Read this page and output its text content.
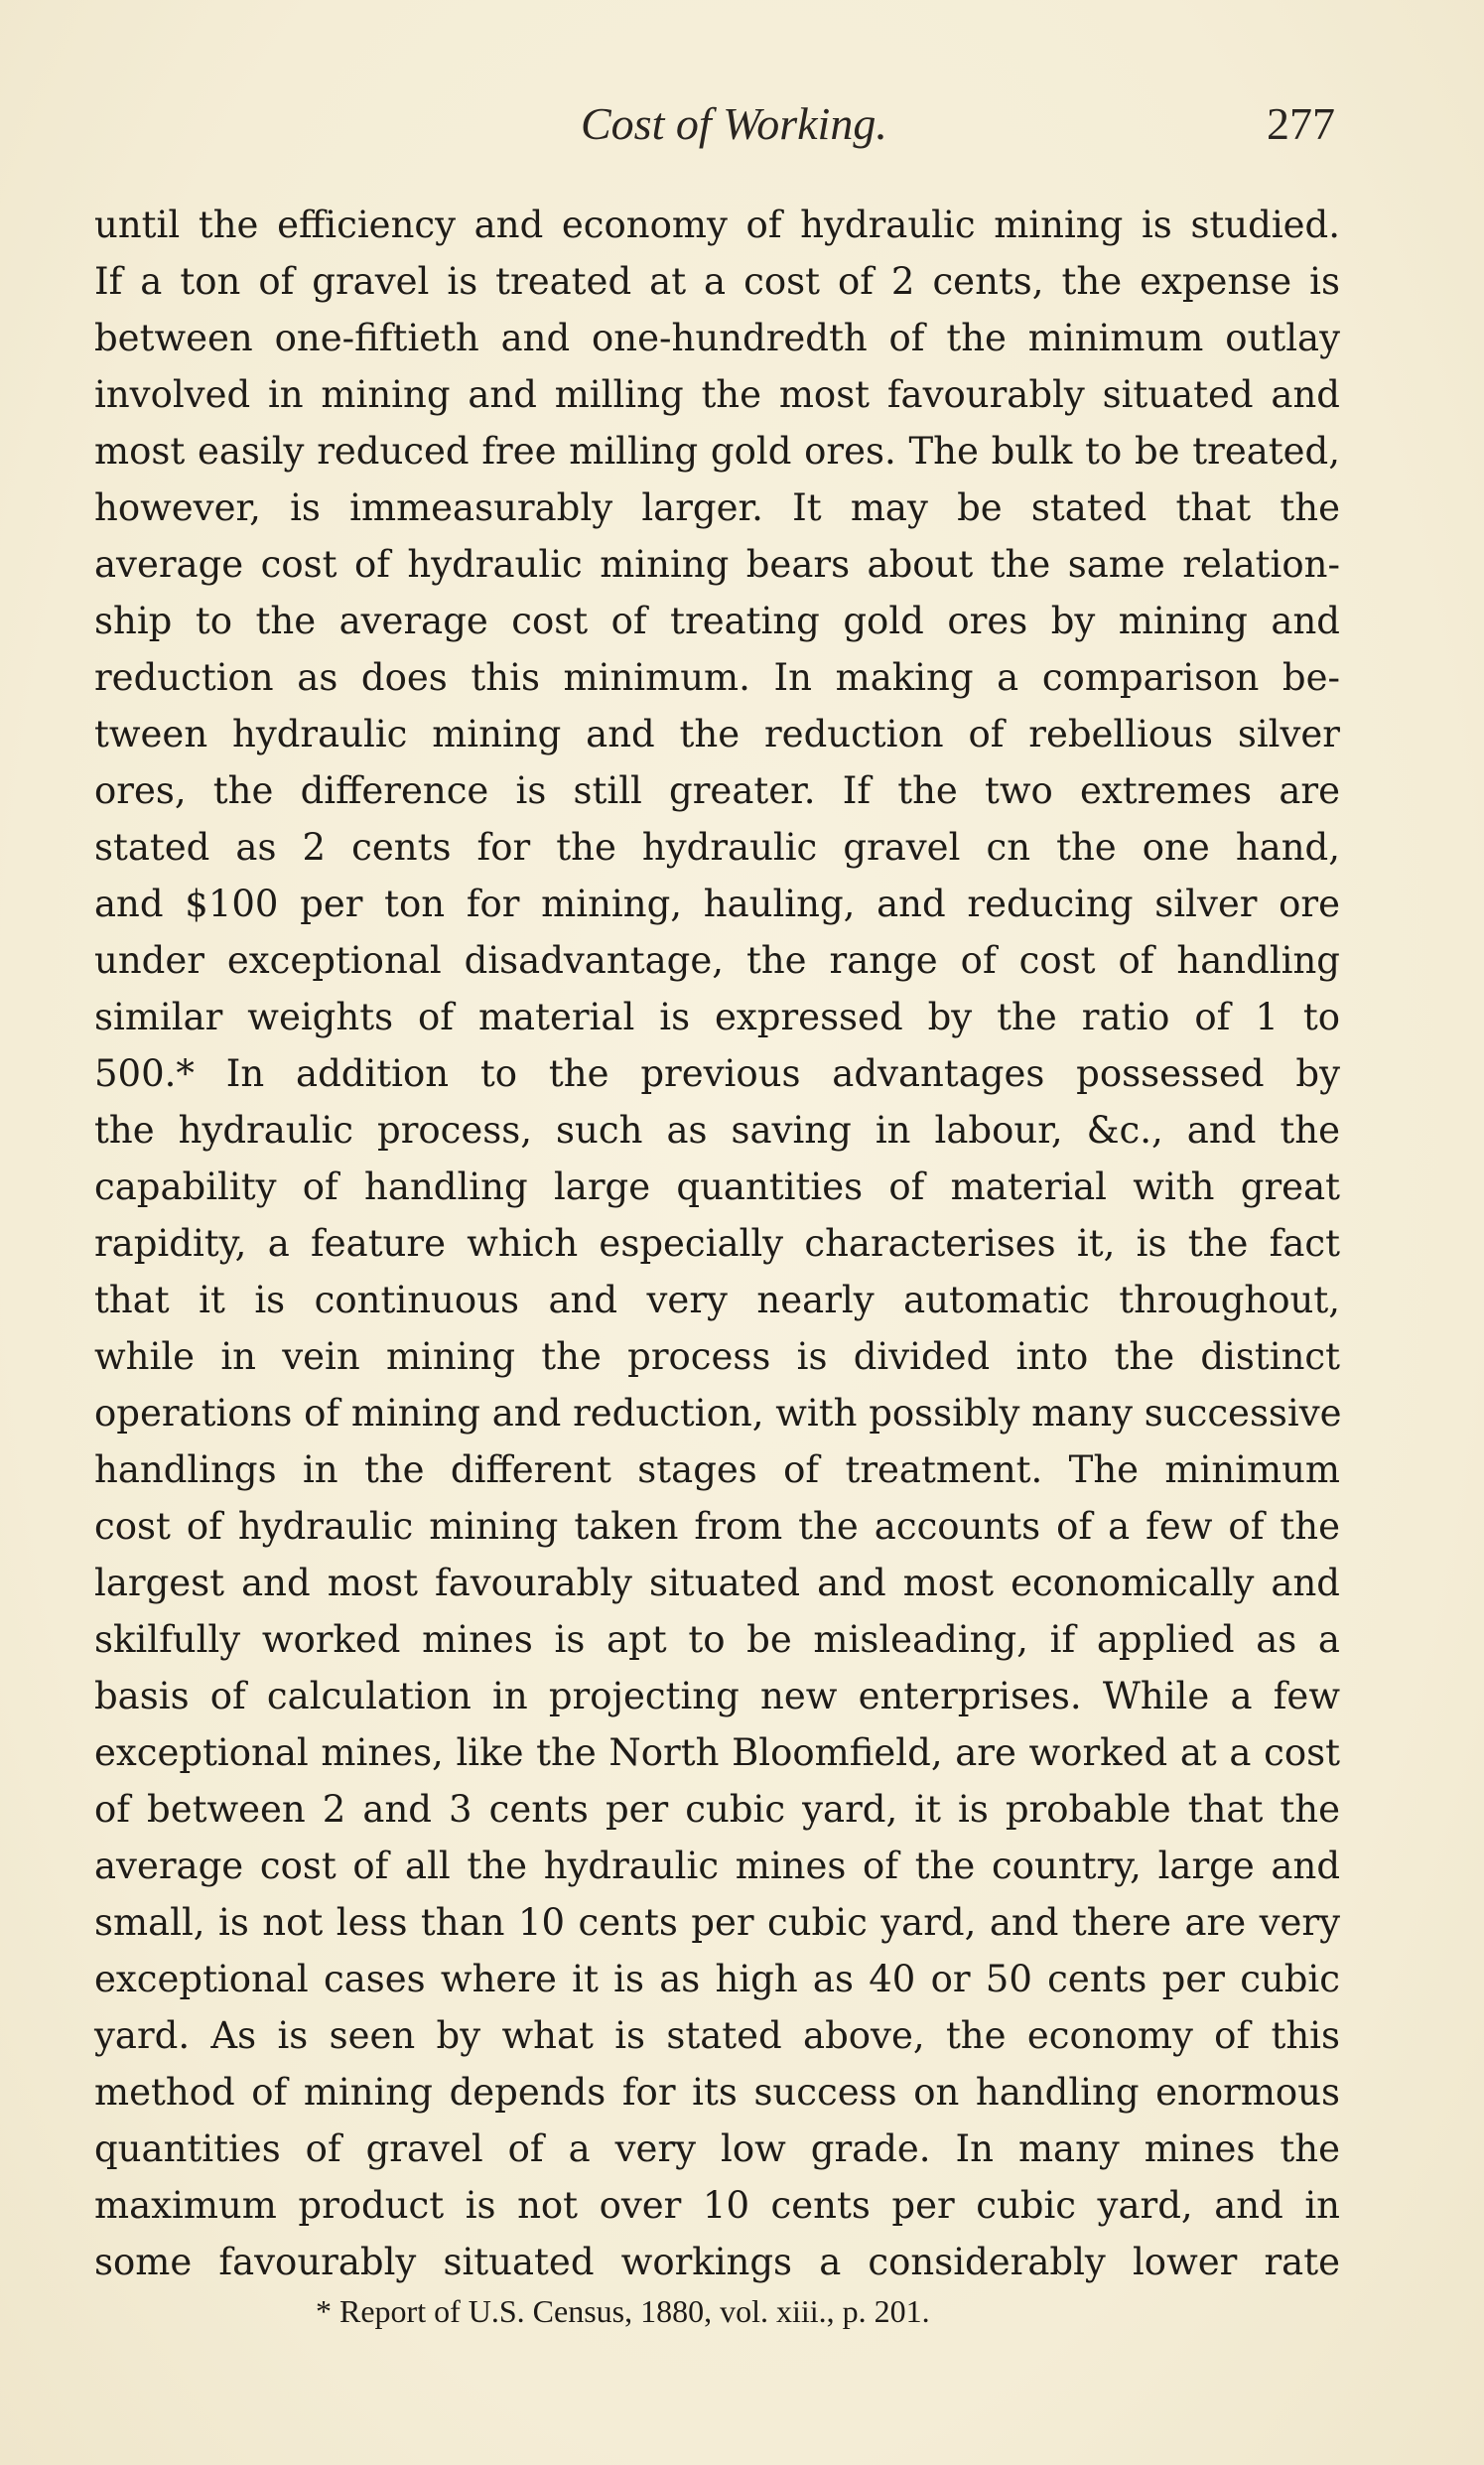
Cost of Working.	277
until the efficiency and economy of hydraulic mining is studied.
If a ton of gravel is treated at a cost of 2 cents, the expense is
between one-fiftieth and one-hundredth of the minimum outlay
involved in mining and milling the most favourably situated and
most easily reduced free milling gold ores. The bulk to be treated,
however, is immeasurably larger. It may be stated that the
average cost of hydraulic mining bears about the same relation-
ship to the average cost of treating gold ores by mining and
reduction as does this minimum. In making a comparison be-
tween hydraulic mining and the reduction of rebellious silver
ores, the difference is still greater. If the two extremes are
stated as 2 cents for the hydraulic gravel cn the one hand,
and $100 per ton for mining, hauling, and reducing silver ore
under exceptional disadvantage, the range of cost of handling
similar weights of material is expressed by the ratio of 1 to
500.* In addition to the previous advantages possessed by
the hydraulic process, such as saving in labour, &c., and the
capability of handling large quantities of material with great
rapidity, a feature which especially characterises it, is the fact
that it is continuous and very nearly automatic throughout,
while in vein mining the process is divided into the distinct
operations of mining and reduction, with possibly many successive
handlings in the different stages of treatment. The minimum
cost of hydraulic mining taken from the accounts of a few of the
largest and most favourably situated and most economically and
skilfully worked mines is apt to be misleading, if applied as a
basis of calculation in projecting new enterprises. While a few
exceptional mines, like the North Bloomfield, are worked at a cost
of between 2 and 3 cents per cubic yard, it is probable that the
average cost of all the hydraulic mines of the country, large and
small, is not less than 10 cents per cubic yard, and there are very
exceptional cases where it is as high as 40 or 50 cents per cubic
yard. As is seen by what is stated above, the economy of this
method of mining depends for its success on handling enormous
quantities of gravel of a very low grade. In many mines the
maximum product is not over 10 cents per cubic yard, and in
some favourably situated workings a considerably lower rate
* Report of U.S. Census, 1880, vol. xiii., p. 201.
